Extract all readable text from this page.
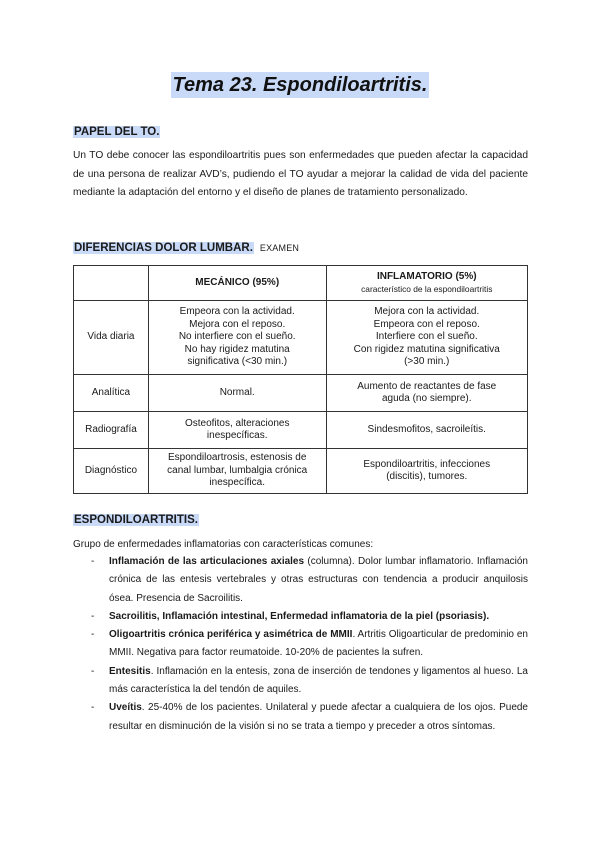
Tema 23. Espondiloartritis.
PAPEL DEL TO.

Un TO debe conocer las espondiloartritis pues son enfermedades que pueden afectar la capacidad de una persona de realizar AVD’s, pudiendo el TO ayudar a mejorar la calidad de vida del paciente mediante la adaptación del entorno y el diseño de planes de tratamiento personalizado.

DIFERENCIAS DOLOR LUMBAR. EXAMEN
	MECÁNICO (95%)	INFLAMATORIO (5%)
característico de la espondiloartritis

Vida diaria	Empeora con la actividad.
Mejora con el reposo.
No interfiere con el sueño.
No hay rigidez matutina
significativa (<30 min.)	Mejora con la actividad.
Empeora con el reposo.
Interfiere con el sueño.
Con rigidez matutina significativa
(>30 min.)

Analítica	Normal.	Aumento de reactantes de fase
aguda (no siempre).

Radiografía	Osteofitos, alteraciones
inespecíficas.	Sindesmofitos, sacroileítis.

Diagnóstico	Espondiloartrosis, estenosis de
canal lumbar, lumbalgia crónica
inespecífica.	Espondiloartritis, infecciones
(discitis), tumores.
ESPONDILOARTRITIS.

Grupo de enfermedades inflamatorias con características comunes:

- Inflamación de las articulaciones axiales (columna). Dolor lumbar inflamatorio. Inflamación crónica de las entesis vertebrales y otras estructuras con tendencia a producir anquilosis ósea. Presencia de Sacroilitis.
- Sacroilitis, Inflamación intestinal, Enfermedad inflamatoria de la piel (psoriasis).
- Oligoartritis crónica periférica y asimétrica de MMII. Artritis Oligoarticular de predominio en MMII. Negativa para factor reumatoide. 10-20% de pacientes la sufren.
- Entesitis. Inflamación en la entesis, zona de inserción de tendones y ligamentos al hueso. La más característica la del tendón de aquiles.
- Uveítis. 25-40% de los pacientes. Unilateral y puede afectar a cualquiera de los ojos. Puede resultar en disminución de la visión si no se trata a tiempo y preceder a otros síntomas.
